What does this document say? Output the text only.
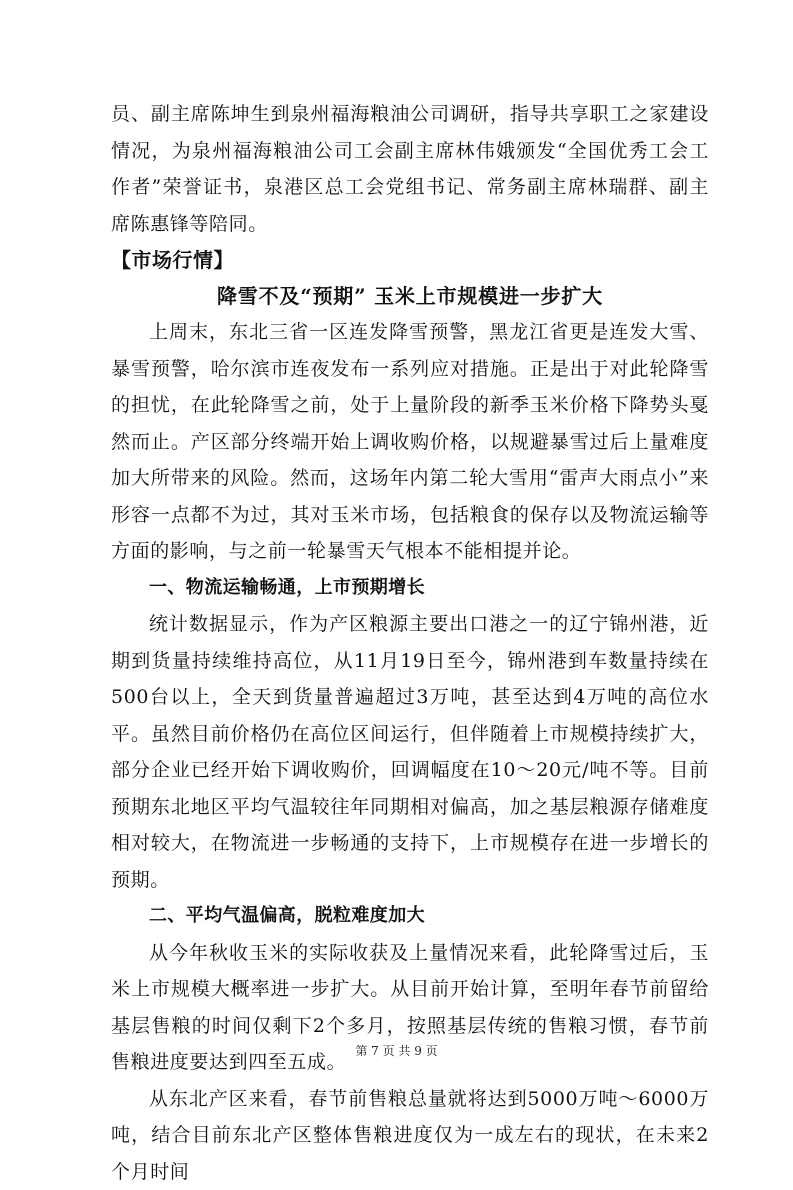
员、副主席陈坤生到泉州福海粮油公司调研，指导共享职工之家建设情况，为泉州福海粮油公司工会副主席林伟娥颁发“全国优秀工会工作者”荣誉证书，泉港区总工会党组书记、常务副主席林瑞群、副主席陈惠锋等陪同。

【市场行情】

降雪不及“预期” 玉米上市规模进一步扩大

上周末，东北三省一区连发降雪预警，黑龙江省更是连发大雪、暴雪预警，哈尔滨市连夜发布一系列应对措施。正是出于对此轮降雪的担忧，在此轮降雪之前，处于上量阶段的新季玉米价格下降势头戛然而止。产区部分终端开始上调收购价格，以规避暴雪过后上量难度加大所带来的风险。然而，这场年内第二轮大雪用“雷声大雨点小”来形容一点都不为过，其对玉米市场，包括粮食的保存以及物流运输等方面的影响，与之前一轮暴雪天气根本不能相提并论。

一、物流运输畅通，上市预期增长

统计数据显示，作为产区粮源主要出口港之一的辽宁锦州港，近期到货量持续维持高位，从11月19日至今，锦州港到车数量持续在500台以上，全天到货量普遍超过3万吨，甚至达到4万吨的高位水平。虽然目前价格仍在高位区间运行，但伴随着上市规模持续扩大，部分企业已经开始下调收购价，回调幅度在10～20元/吨不等。目前预期东北地区平均气温较往年同期相对偏高，加之基层粮源存储难度相对较大，在物流进一步畅通的支持下，上市规模存在进一步增长的预期。

二、平均气温偏高，脱粒难度加大

从今年秋收玉米的实际收获及上量情况来看，此轮降雪过后，玉米上市规模大概率进一步扩大。从目前开始计算，至明年春节前留给基层售粮的时间仅剩下2个多月，按照基层传统的售粮习惯，春节前售粮进度要达到四至五成。

从东北产区来看，春节前售粮总量就将达到5000万吨～6000万吨，结合目前东北产区整体售粮进度仅为一成左右的现状，在未来2个月时间

第 7 页 共 9 页
